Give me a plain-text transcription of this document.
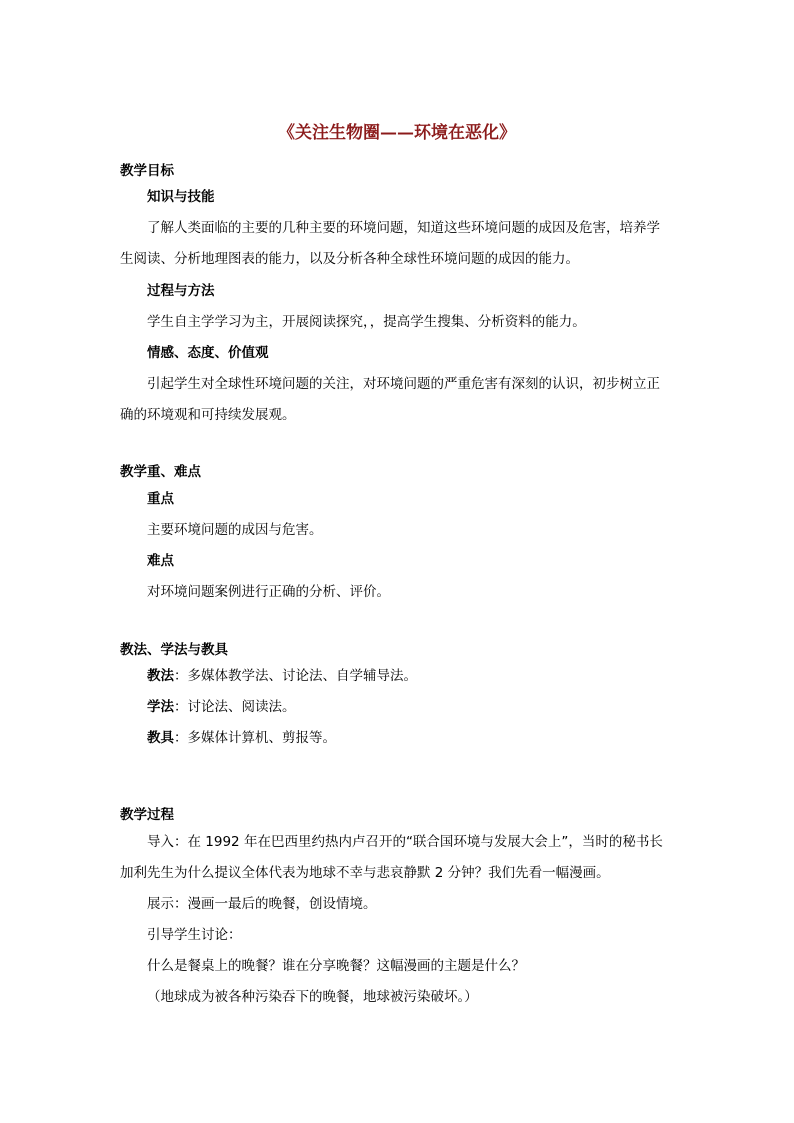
《关注生物圈——环境在恶化》
教学目标
知识与技能
了解人类面临的主要的几种主要的环境问题，知道这些环境问题的成因及危害，培养学
生阅读、分析地理图表的能力，以及分析各种全球性环境问题的成因的能力。
过程与方法
学生自主学学习为主，开展阅读探究，，提高学生搜集、分析资料的能力。
情感、态度、价值观
引起学生对全球性环境问题的关注，对环境问题的严重危害有深刻的认识，初步树立正
确的环境观和可持续发展观。
教学重、难点
重点
主要环境问题的成因与危害。
难点
对环境问题案例进行正确的分析、评价。
教法、学法与教具
教法：多媒体教学法、讨论法、自学辅导法。
学法：讨论法、阅读法。
教具：多媒体计算机、剪报等。
教学过程
导入：在 1992 年在巴西里约热内卢召开的“联合国环境与发展大会上”，当时的秘书长
加利先生为什么提议全体代表为地球不幸与悲哀静默 2 分钟？我们先看一幅漫画。
展示：漫画一最后的晚餐，创设情境。
引导学生讨论：
什么是餐桌上的晚餐？谁在分享晚餐？这幅漫画的主题是什么？
（地球成为被各种污染吞下的晚餐，地球被污染破坏。）
